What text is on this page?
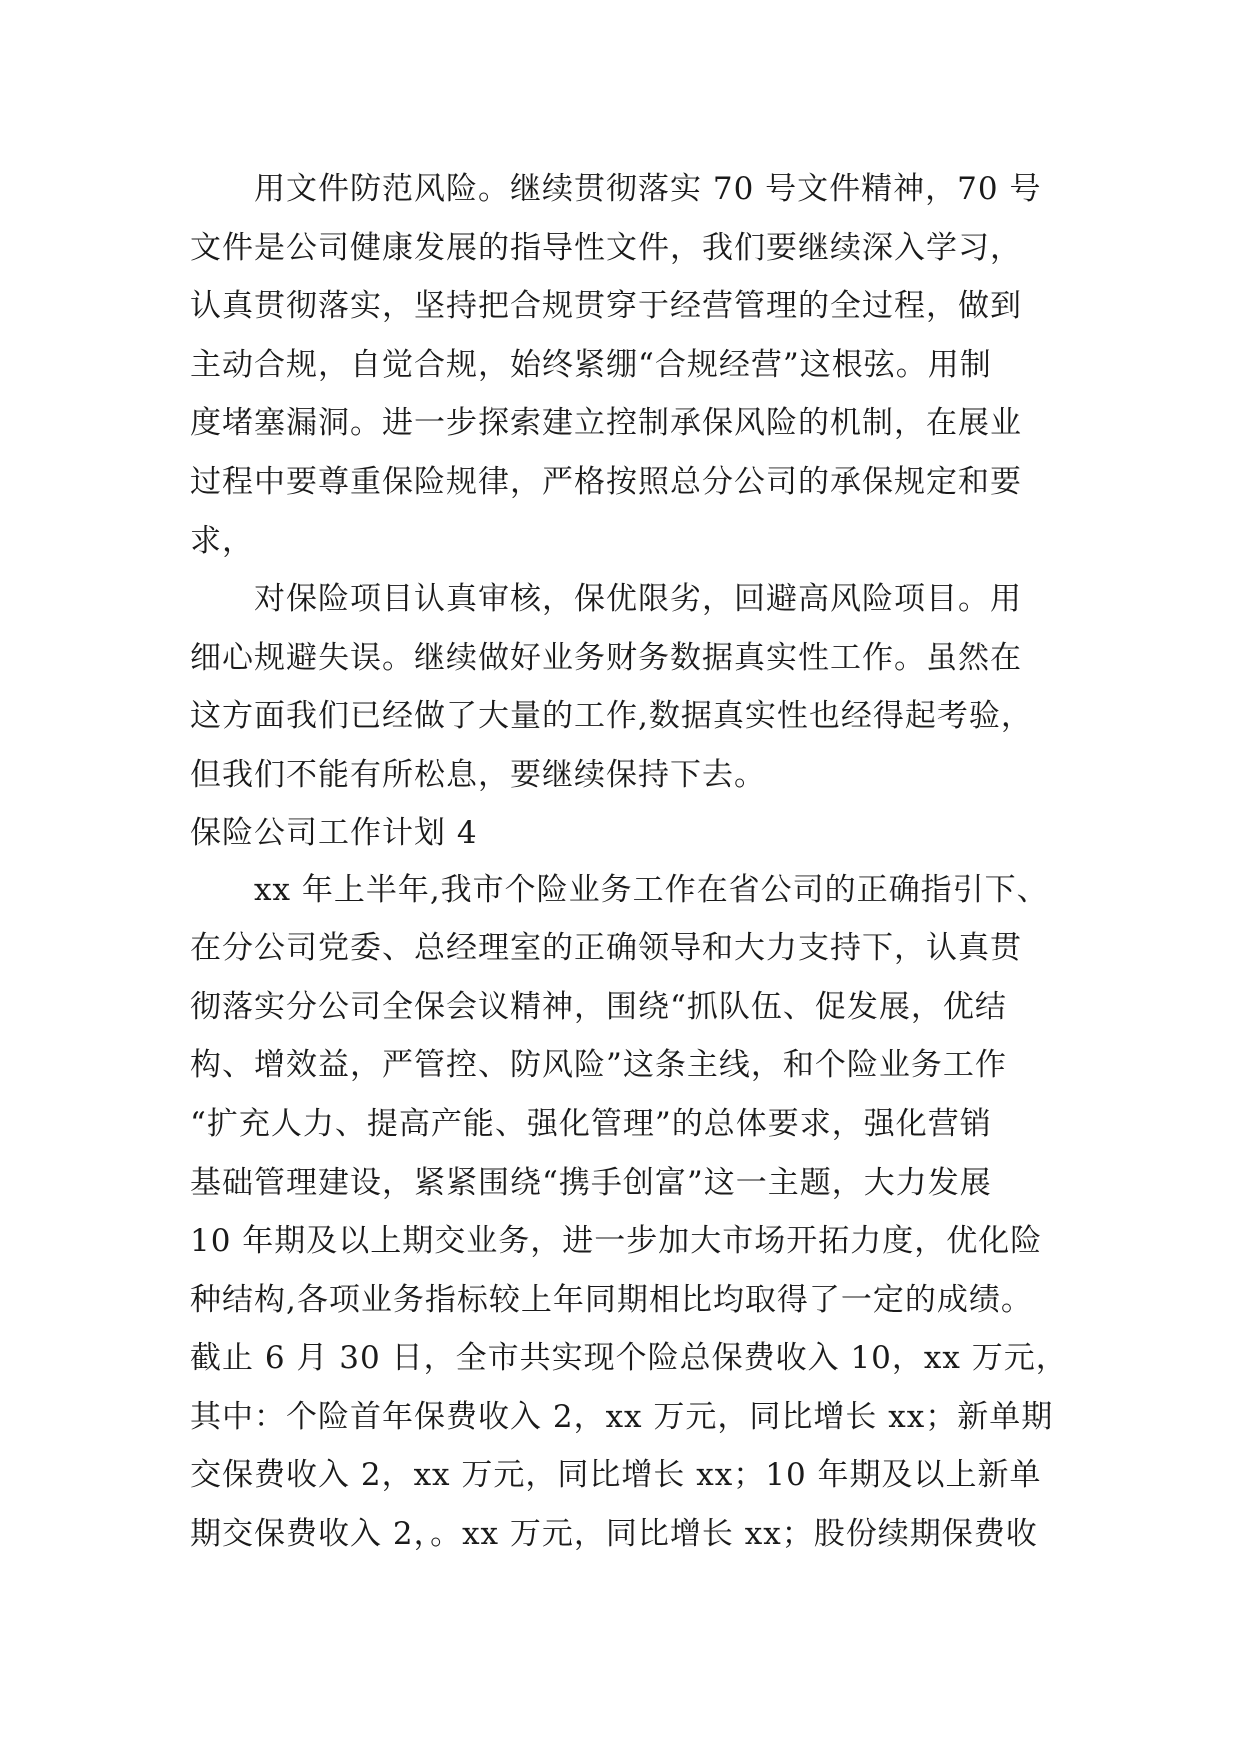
用文件防范风险。继续贯彻落实 70 号文件精神，70 号
文件是公司健康发展的指导性文件，我们要继续深入学习，
认真贯彻落实，坚持把合规贯穿于经营管理的全过程，做到
主动合规，自觉合规，始终紧绷“合规经营”这根弦。用制
度堵塞漏洞。进一步探索建立控制承保风险的机制，在展业
过程中要尊重保险规律，严格按照总分公司的承保规定和要
求，
对保险项目认真审核，保优限劣，回避高风险项目。用
细心规避失误。继续做好业务财务数据真实性工作。虽然在
这方面我们已经做了大量的工作,数据真实性也经得起考验，
但我们不能有所松息，要继续保持下去。
保险公司工作计划 4
xx 年上半年,我市个险业务工作在省公司的正确指引下、
在分公司党委、总经理室的正确领导和大力支持下，认真贯
彻落实分公司全保会议精神，围绕“抓队伍、促发展，优结
构、增效益，严管控、防风险”这条主线，和个险业务工作
“扩充人力、提高产能、强化管理”的总体要求，强化营销
基础管理建设，紧紧围绕“携手创富”这一主题，大力发展
10 年期及以上期交业务，进一步加大市场开拓力度，优化险
种结构,各项业务指标较上年同期相比均取得了一定的成绩。
截止 6 月 30 日，全市共实现个险总保费收入 10，xx 万元，
其中：个险首年保费收入 2，xx 万元，同比增长 xx；新单期
交保费收入 2，xx 万元，同比增长 xx；10 年期及以上新单
期交保费收入 2，。xx 万元，同比增长 xx；股份续期保费收
